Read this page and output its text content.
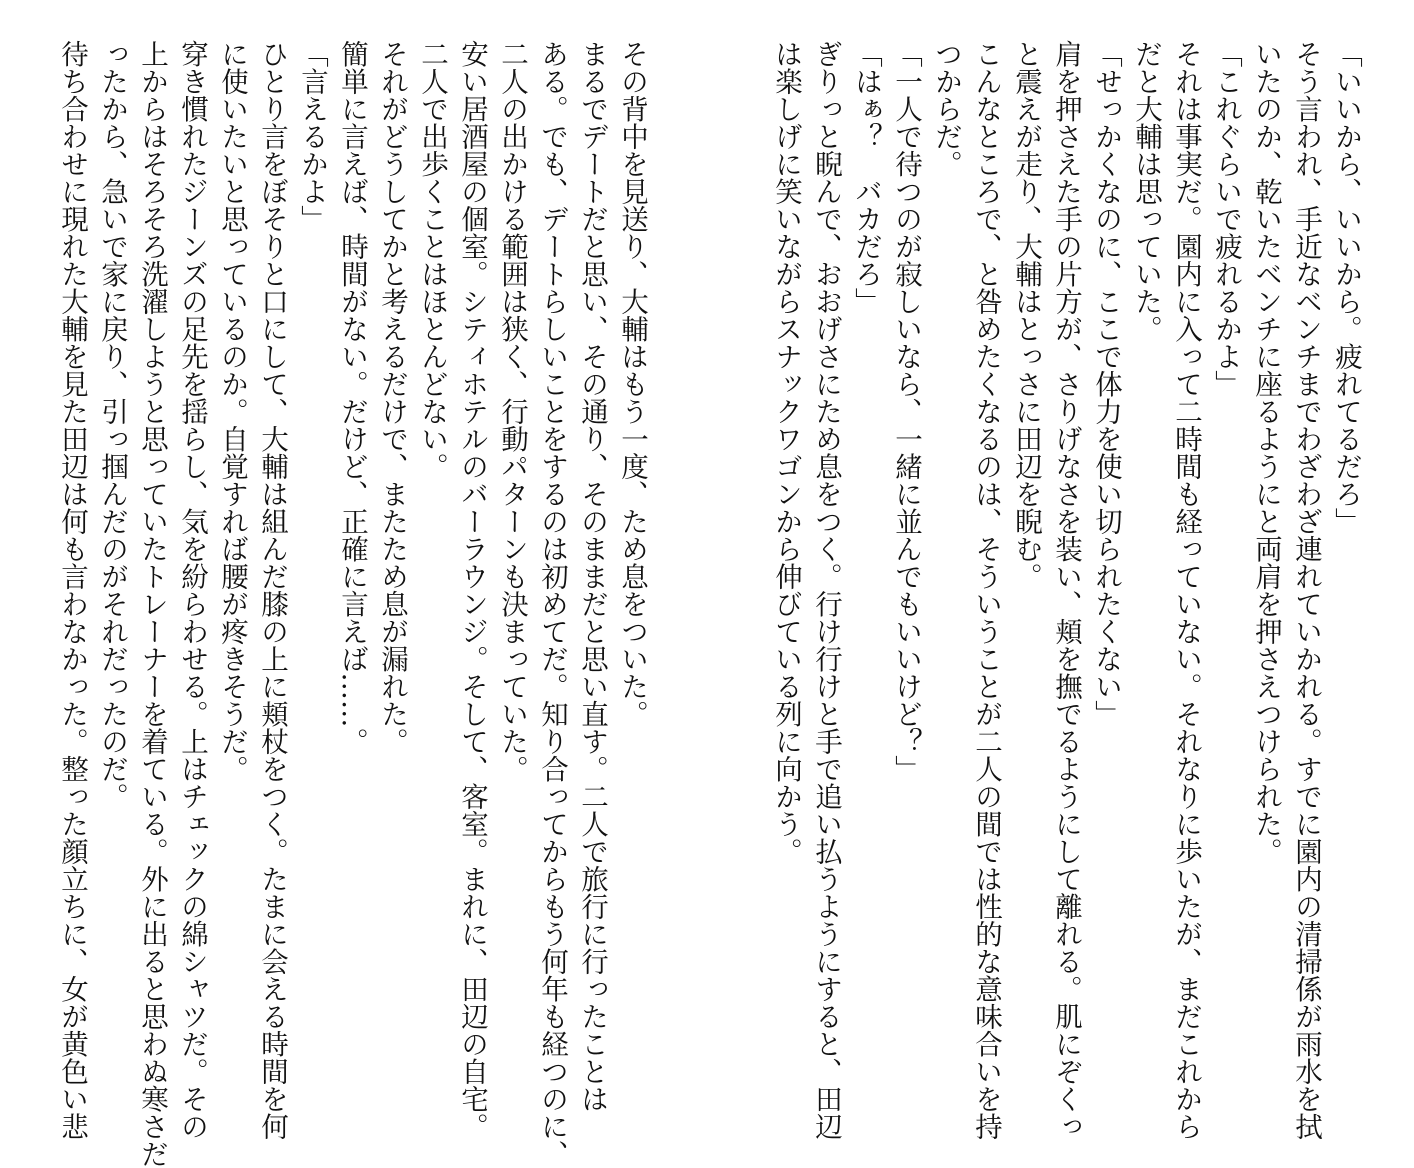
「いいから、いいから。疲れてるだろ」
そう言われ、手近なベンチまでわざわざ連れていかれる。すでに園内の清掃係が雨水を拭
いたのか、乾いたベンチに座るようにと両肩を押さえつけられた。
「これぐらいで疲れるかよ」
それは事実だ。園内に入って二時間も経っていない。それなりに歩いたが、まだこれから
だと大輔は思っていた。
「せっかくなのに、ここで体力を使い切られたくない」
肩を押さえた手の片方が、さりげなさを装い、頬を撫でるようにして離れる。肌にぞくっ
と震えが走り、大輔はとっさに田辺を睨む。
こんなところで、と咎めたくなるのは、そういうことが二人の間では性的な意味合いを持
つからだ。
「一人で待つのが寂しいなら、一緒に並んでもいいけど？」
「はぁ？　バカだろ」
ぎりっと睨んで、おおげさにため息をつく。行け行けと手で追い払うようにすると、田辺
は楽しげに笑いながらスナックワゴンから伸びている列に向かう。
その背中を見送り、大輔はもう一度、ため息をついた。
まるでデートだと思い、その通り、そのままだと思い直す。二人で旅行に行ったことは
ある。でも、デートらしいことをするのは初めてだ。知り合ってからもう何年も経つのに、
二人の出かける範囲は狭く、行動パターンも決まっていた。
安い居酒屋の個室。シティホテルのバーラウンジ。そして、客室。まれに、田辺の自宅。
二人で出歩くことはほとんどない。
それがどうしてかと考えるだけで、またため息が漏れた。
簡単に言えば、時間がない。だけど、正確に言えば……。
「言えるかよ」
ひとり言をぼそりと口にして、大輔は組んだ膝の上に頬杖をつく。たまに会える時間を何
に使いたいと思っているのか。自覚すれば腰が疼きそうだ。
穿き慣れたジーンズの足先を揺らし、気を紛らわせる。上はチェックの綿シャツだ。その
上からはそろそろ洗濯しようと思っていたトレーナーを着ている。外に出ると思わぬ寒さだ
ったから、急いで家に戻り、引っ掴んだのがそれだったのだ。
待ち合わせに現れた大輔を見た田辺は何も言わなかった。整った顔立ちに、女が黄色い悲
